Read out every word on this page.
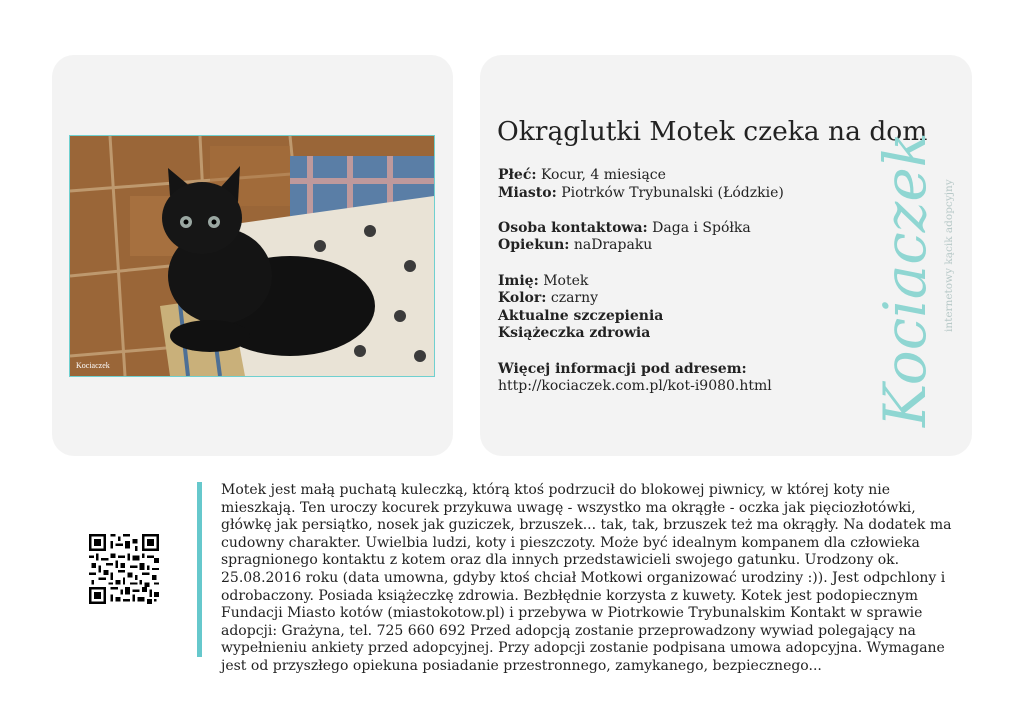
Kociaczek
Okrąglutki Motek czeka na dom
Płeć: Kocur, 4 miesiące
Miasto: Piotrków Trybunalski (Łódzkie)
Osoba kontaktowa: Daga i Spółka
Opiekun: naDrapaku
Imię: Motek
Kolor: czarny
Aktualne szczepienia
Książeczka zdrowia
Więcej informacji pod adresem:
http://kociaczek.com.pl/kot-i9080.html Kociaczek internetowy kącik adopcyjny
Motek jest małą puchatą kuleczką, którą ktoś podrzucił do blokowej piwnicy, w której koty nie mieszkają. Ten uroczy kocurek przykuwa uwagę - wszystko ma okrągłe - oczka jak pięciozłotówki, główkę jak persiątko, nosek jak guziczek, brzuszek... tak, tak, brzuszek też ma okrągły. Na dodatek ma cudowny charakter. Uwielbia ludzi, koty i pieszczoty. Może być idealnym kompanem dla człowieka spragnionego kontaktu z kotem oraz dla innych przedstawicieli swojego gatunku. Urodzony ok. 25.08.2016 roku (data umowna, gdyby ktoś chciał Motkowi organizować urodziny :)). Jest odpchlony i odrobaczony. Posiada książeczkę zdrowia. Bezbłędnie korzysta z kuwety. Kotek jest podopiecznym Fundacji Miasto kotów (miastokotow.pl) i przebywa w Piotrkowie Trybunalskim Kontakt w sprawie adopcji: Grażyna, tel. 725 660 692 Przed adopcją zostanie przeprowadzony wywiad polegający na wypełnieniu ankiety przed adopcyjnej. Przy adopcji zostanie podpisana umowa adopcyjna. Wymagane jest od przyszłego opiekuna posiadanie przestronnego, zamykanego, bezpiecznego...
